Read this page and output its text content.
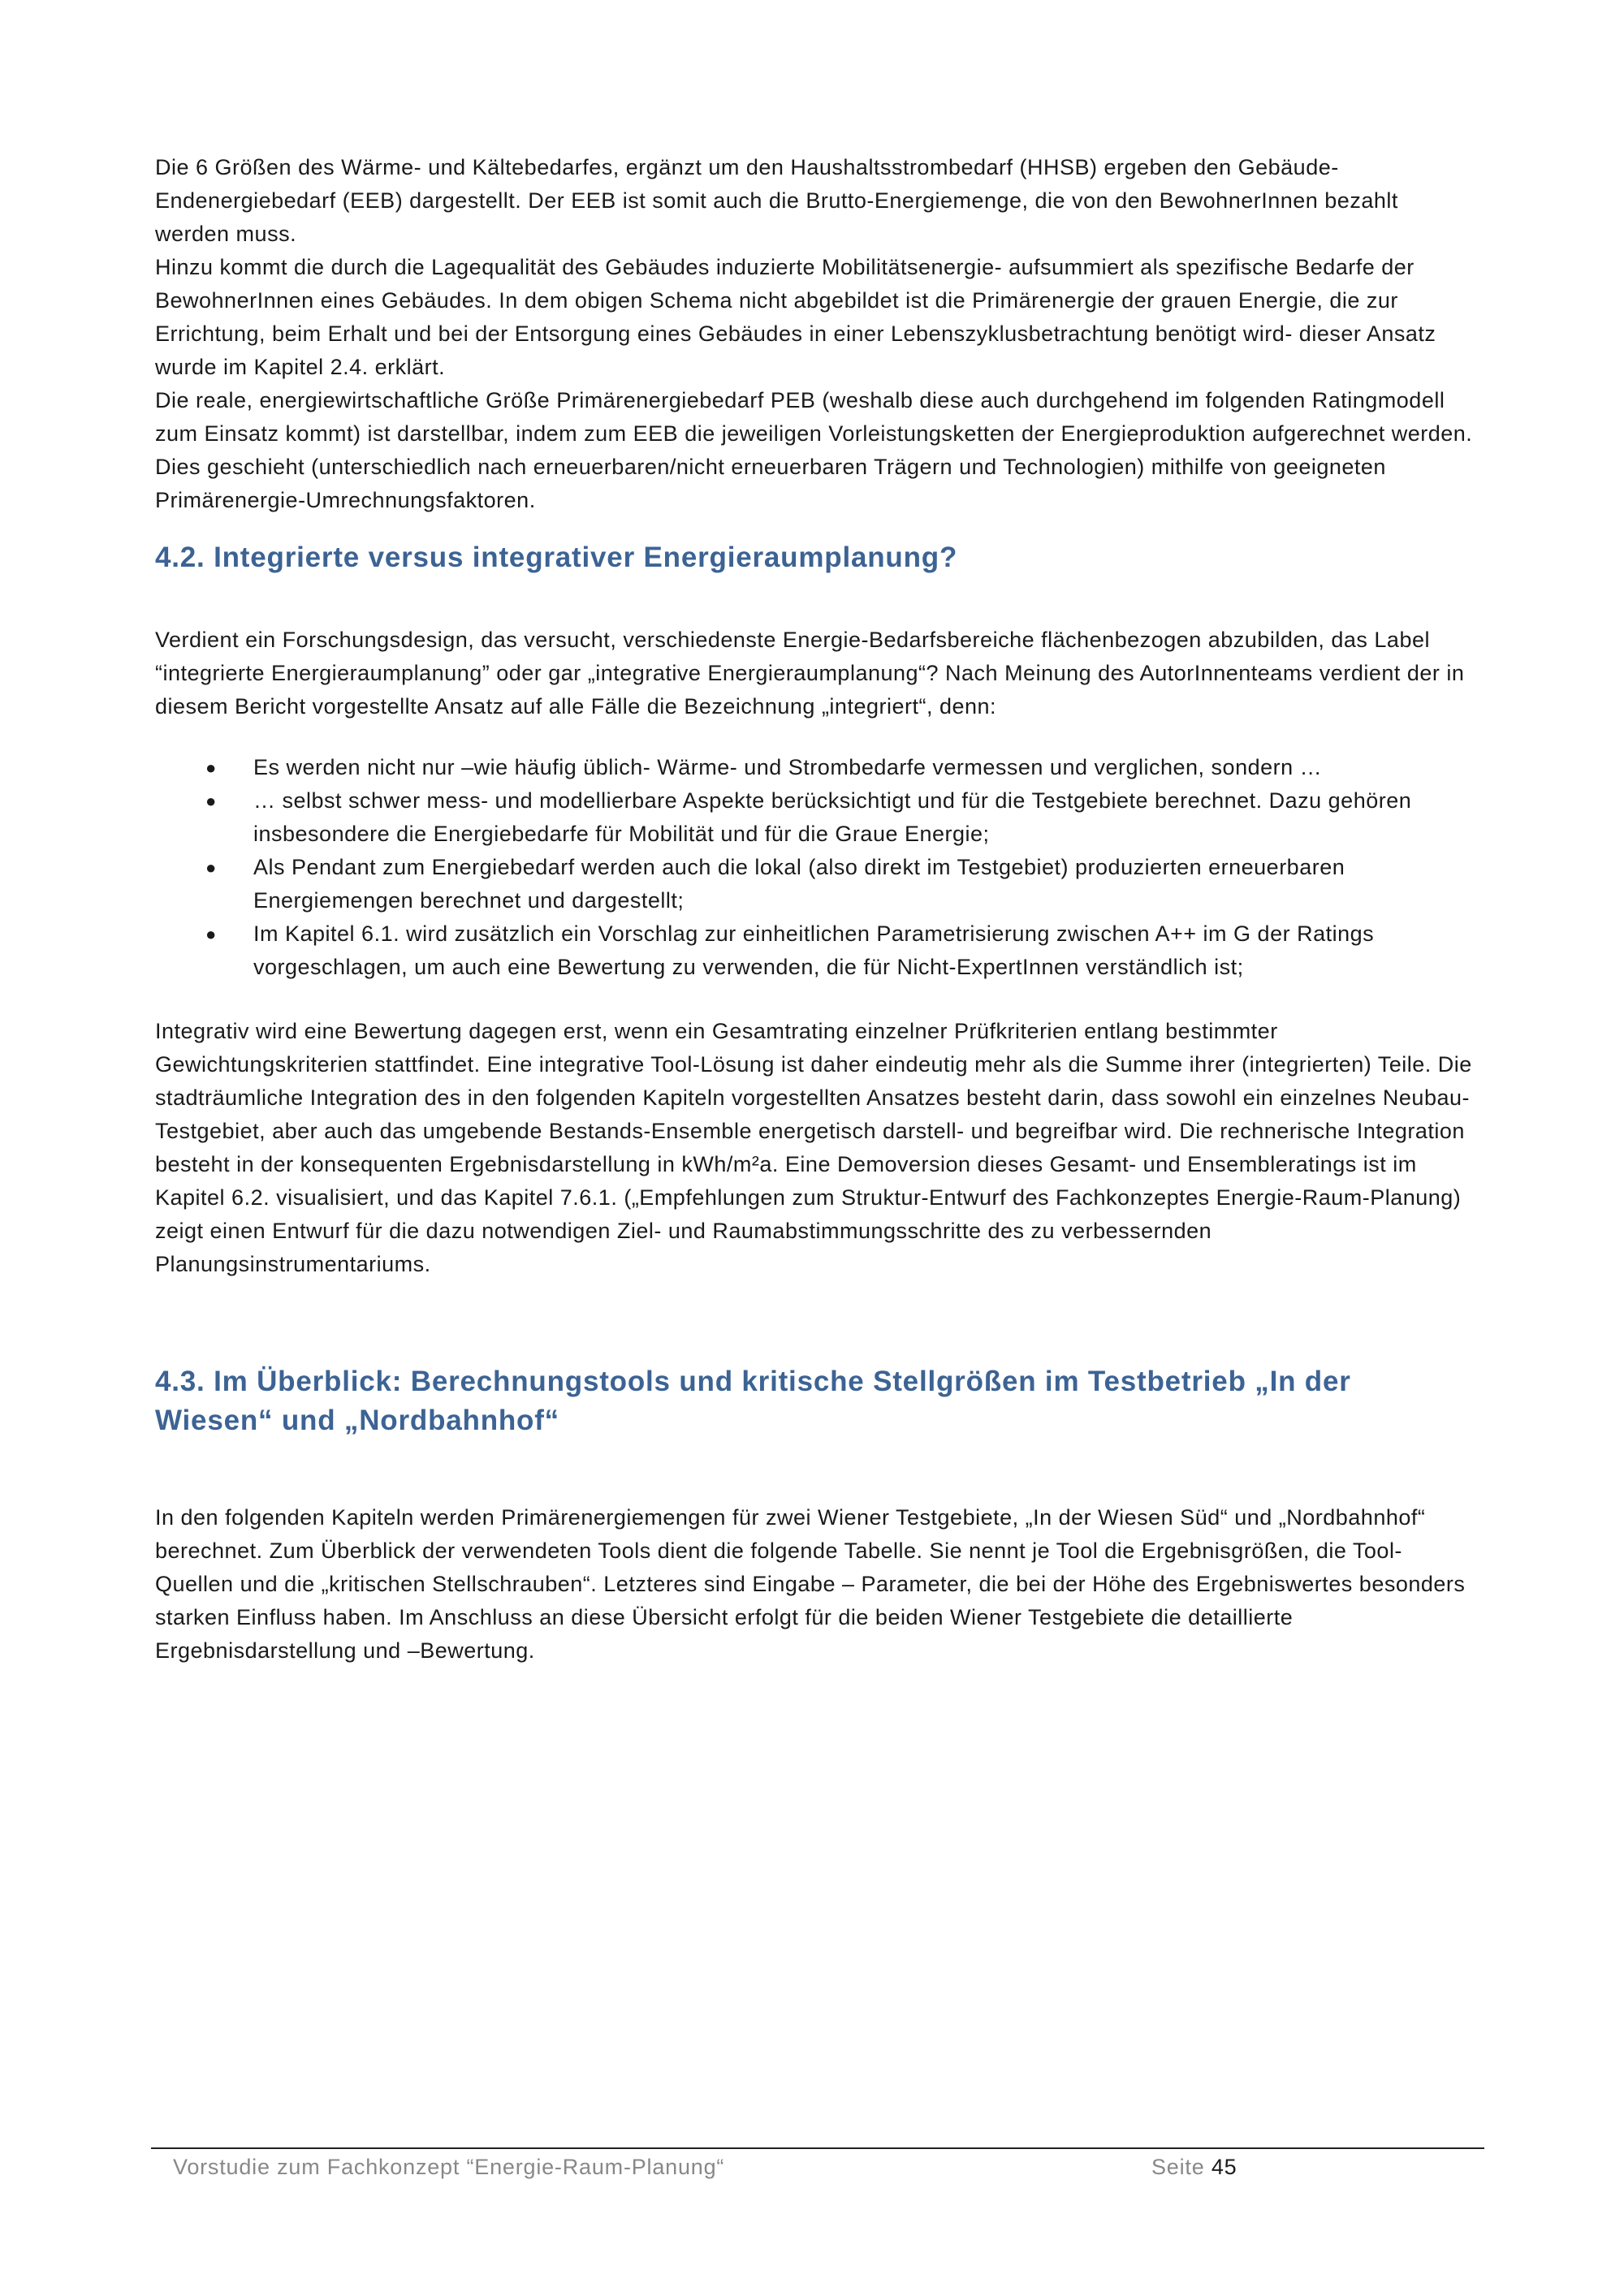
Die 6 Größen des Wärme- und Kältebedarfes, ergänzt um den Haushaltsstrombedarf (HHSB) ergeben den Gebäude-Endenergiebedarf (EEB) dargestellt. Der EEB ist somit auch die Brutto-Energiemenge, die von den BewohnerInnen bezahlt werden muss.

Hinzu kommt die durch die Lagequalität des Gebäudes induzierte Mobilitätsenergie- aufsummiert als spezifische Bedarfe der BewohnerInnen eines Gebäudes. In dem obigen Schema nicht abgebildet ist die Primärenergie der grauen Energie, die zur Errichtung, beim Erhalt und bei der Entsorgung eines Gebäudes in einer Lebenszyklusbetrachtung benötigt wird- dieser Ansatz wurde im Kapitel 2.4. erklärt.

Die reale, energiewirtschaftliche Größe Primärenergiebedarf PEB (weshalb diese auch durchgehend im folgenden Ratingmodell zum Einsatz kommt) ist darstellbar, indem zum EEB die jeweiligen Vorleistungsketten der Energieproduktion aufgerechnet werden. Dies geschieht (unterschiedlich nach erneuerbaren/nicht erneuerbaren Trägern und Technologien) mithilfe von geeigneten Primärenergie-Umrechnungsfaktoren.

4.2. Integrierte versus integrativer Energieraumplanung?

Verdient ein Forschungsdesign, das versucht, verschiedenste Energie-Bedarfsbereiche flächenbezogen abzubilden, das Label “integrierte Energieraumplanung” oder gar „integrative Energieraumplanung“? Nach Meinung des AutorInnenteams verdient der in diesem Bericht vorgestellte Ansatz auf alle Fälle die Bezeichnung „integriert“, denn:

● Es werden nicht nur –wie häufig üblich- Wärme- und Strombedarfe vermessen und verglichen, sondern …
● … selbst schwer mess- und modellierbare Aspekte berücksichtigt und für die Testgebiete berechnet. Dazu gehören insbesondere die Energiebedarfe für Mobilität und für die Graue Energie;
● Als Pendant zum Energiebedarf werden auch die lokal (also direkt im Testgebiet) produzierten erneuerbaren Energiemengen berechnet und dargestellt;
● Im Kapitel 6.1. wird zusätzlich ein Vorschlag zur einheitlichen Parametrisierung zwischen A++ im G der Ratings vorgeschlagen, um auch eine Bewertung zu verwenden, die für Nicht-ExpertInnen verständlich ist;

Integrativ wird eine Bewertung dagegen erst, wenn ein Gesamtrating einzelner Prüfkriterien entlang bestimmter Gewichtungskriterien stattfindet. Eine integrative Tool-Lösung ist daher eindeutig mehr als die Summe ihrer (integrierten) Teile. Die stadträumliche Integration des in den folgenden Kapiteln vorgestellten Ansatzes besteht darin, dass sowohl ein einzelnes Neubau-Testgebiet, aber auch das umgebende Bestands-Ensemble energetisch darstell- und begreifbar wird. Die rechnerische Integration besteht in der konsequenten Ergebnisdarstellung in kWh/m²a. Eine Demoversion dieses Gesamt- und Ensembleratings ist im Kapitel 6.2. visualisiert, und das Kapitel 7.6.1. („Empfehlungen zum Struktur-Entwurf des Fachkonzeptes Energie-Raum-Planung) zeigt einen Entwurf für die dazu notwendigen Ziel- und Raumabstimmungsschritte des zu verbessernden Planungsinstrumentariums.

4.3. Im Überblick: Berechnungstools und kritische Stellgrößen im Testbetrieb „In der Wiesen“ und „Nordbahnhof“

In den folgenden Kapiteln werden Primärenergiemengen für zwei Wiener Testgebiete, „In der Wiesen Süd“ und „Nordbahnhof“ berechnet. Zum Überblick der verwendeten Tools dient die folgende Tabelle. Sie nennt je Tool die Ergebnisgrößen, die Tool-Quellen und die „kritischen Stellschrauben“. Letzteres sind Eingabe – Parameter, die bei der Höhe des Ergebniswertes besonders starken Einfluss haben. Im Anschluss an diese Übersicht erfolgt für die beiden Wiener Testgebiete die detaillierte Ergebnisdarstellung und –Bewertung.

Vorstudie zum Fachkonzept “Energie-Raum-Planung“	Seite 45
